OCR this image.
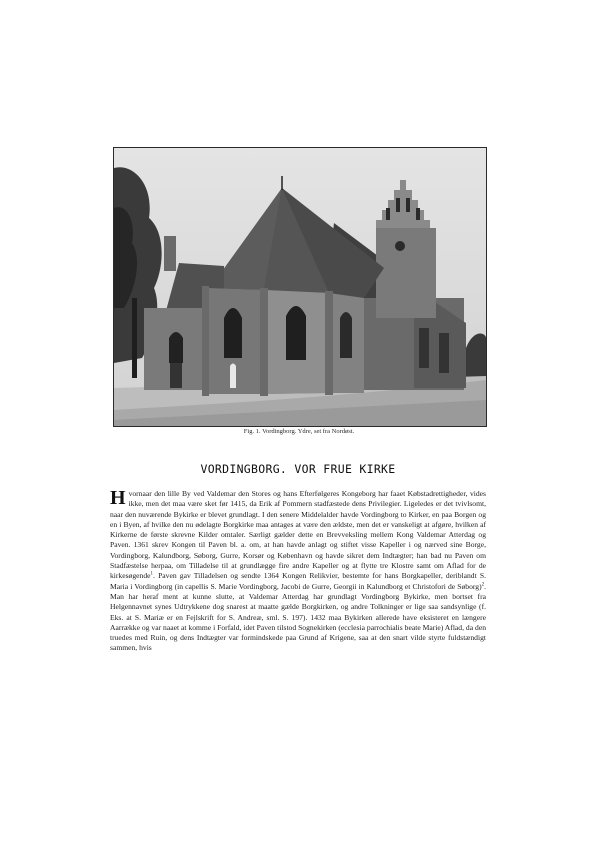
Fig. 1. Vordingborg. Ydre, set fra Nordøst.
VORDINGBORG. VOR FRUE KIRKE
H vornaar den lille By ved Valdemar den Stores og hans Efterfølgeres Kongeborg har faaet Købstadrettigheder, vides ikke, men det maa være sket før 1415, da Erik af Pommern stadfæstede dens Privilegier. Ligeledes er det tvivlsomt, naar den nuværende Bykirke er blevet grundlagt. I den senere Middelalder havde Vordingborg to Kirker, en paa Borgen og en i Byen, af hvilke den nu ødelagte Borgkirke maa antages at være den ældste, men det er vanskeligt at afgøre, hvilken af Kirkerne de første skrevne Kilder omtaler. Særligt gælder dette en Brevveksling mellem Kong Valdemar Atterdag og Paven. 1361 skrev Kongen til Paven bl. a. om, at han havde anlagt og stiftet visse Kapeller i og nærved sine Borge, Vordingborg, Kalundborg, Søborg, Gurre, Korsør og København og havde sikret dem Indtægter; han bad nu Paven om Stadfæstelse herpaa, om Tilladelse til at grundlægge fire andre Kapeller og at flytte tre Klostre samt om Aflad for de kirkesøgende$^1$. Paven gav Tilladelsen og sendte 1364 Kongen Relikvier, bestemte for hans Borgkapeller, deriblandt S. Maria i Vordingborg (in capellis S. Marie Vordingborg, Jacobi de Gurre, Georgii in Kalundborg et Christofori de Søborg)$^2$. Man har heraf ment at kunne slutte, at Valdemar Atterdag har grundlagt Vordingborg Bykirke, men bortset fra Helgennavnet synes Udtrykkene dog snarest at maatte gælde Borgkirken, og andre Tolkninger er lige saa sandsynlige (f. Eks. at S. Mariæ er en Fejlskrift for S. Andreæ, sml. S. 197). 1432 maa Bykirken allerede have eksisteret en længere Aarrække og var naaet at komme i Forfald, idet Paven tilstod Sognekirken (ecclesia parrochialis beate Marie) Aflad, da den truedes med Ruin, og dens Indtægter var formindskede paa Grund af Krigene, saa at den snart vilde styrte fuldstændigt sammen, hvis
